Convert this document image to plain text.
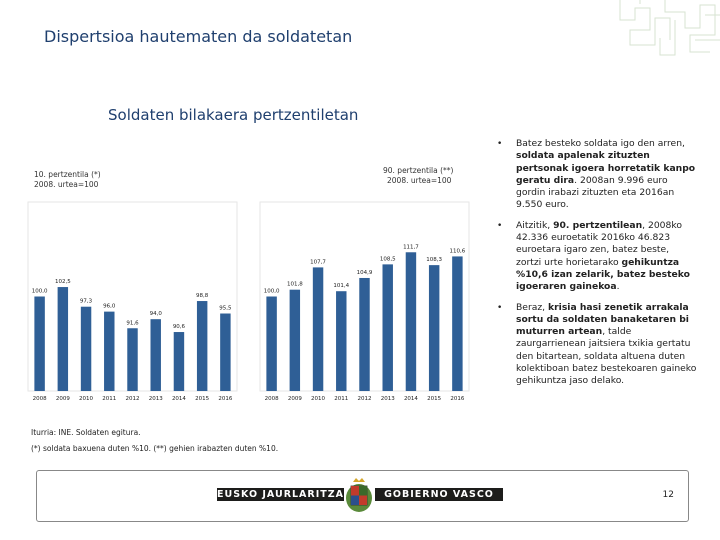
Dispertsioa hautematen da soldatetan
Soldaten bilakaera pertzentiletan
10. pertzentila (*)
2008. urtea=100
90. pertzentila (**)
2008. urtea=100
100,0
2008
102,5
2009
97,3
2010
96,0
2011
91,6
2012
94,0
2013
90,6
2014
98,8
2015
95,5
2016
100,0
2008
101,8
2009
107,7
2010
101,4
2011
104,9
2012
108,5
2013
111,7
2014
108,3
2015
110,6
2016
•	Batez besteko soldata igo den arren, soldata apalenak zituzten pertsonak igoera horretatik kanpo geratu dira. 2008an 9.996 euro gordin irabazi zituzten eta 2016an 9.550 euro.
•	Aitzitik, 90. pertzentilean, 2008ko 42.336 euroetatik 2016ko 46.823 euroetara igaro zen, batez beste, zortzi urte horietarako gehikuntza %10,6 izan zelarik, batez besteko igoeraren gainekoa.
•	Beraz, krisia hasi zenetik arrakala sortu da soldaten banaketaren bi muturren artean, talde zaurgarrienean jaitsiera txikia gertatu den bitartean, soldata altuena duten kolektiboan batez bestekoaren gaineko gehikuntza jaso delako.
Iturria: INE. Soldaten egitura.
(*) soldata baxuena duten %10. (**) gehien irabazten duten %10.
EUSKO JAURLARITZA	GOBIERNO VASCO	12
